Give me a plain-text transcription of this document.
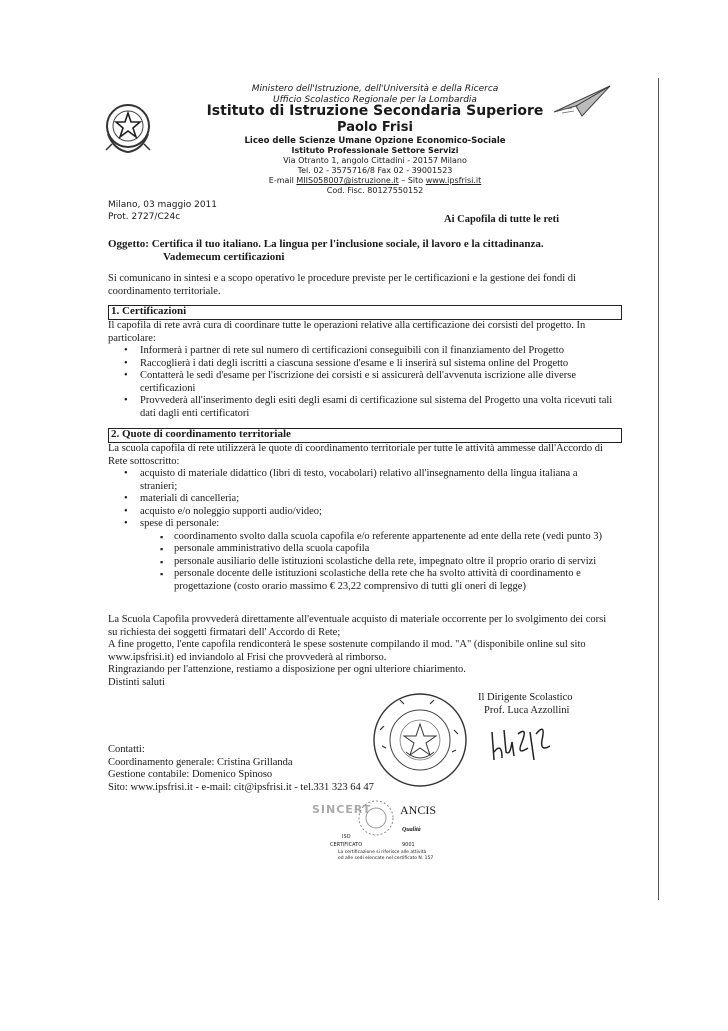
Ministero dell'Istruzione, dell'Università e della Ricerca
Ufficio Scolastico Regionale per la Lombardia
Istituto di Istruzione Secondaria Superiore
Paolo Frisi
Liceo delle Scienze Umane Opzione Economico-Sociale
Istituto Professionale Settore Servizi
Via Otranto 1, angolo Cittadini - 20157 Milano
Tel. 02 - 3575716/8 Fax 02 - 39001523
E-mail MIIS058007@istruzione.it – Sito www.ipsfrisi.it
Cod. Fisc. 80127550152
Milano, 03 maggio 2011
Prot. 2727/C24c	Ai Capofila di tutte le reti
Oggetto: Certifica il tuo italiano. La lingua per l'inclusione sociale, il lavoro e la cittadinanza.
Vademecum certificazioni
Si comunicano in sintesi e a scopo operativo le procedure previste per le certificazioni e la gestione dei fondi di coordinamento territoriale.
1. Certificazioni
Il capofila di rete avrà cura di coordinare tutte le operazioni relative alla certificazione dei corsisti del progetto. In particolare:
• Informerà i partner di rete sul numero di certificazioni conseguibili con il finanziamento del Progetto
• Raccoglierà i dati degli iscritti a ciascuna sessione d'esame e li inserirà sul sistema online del Progetto
• Contatterà le sedi d'esame per l'iscrizione dei corsisti e si assicurerà dell'avvenuta iscrizione alle diverse certificazioni
• Provvederà all'inserimento degli esiti degli esami di certificazione sul sistema del Progetto una volta ricevuti tali dati dagli enti certificatori
2. Quote di coordinamento territoriale
La scuola capofila di rete utilizzerà le quote di coordinamento territoriale per tutte le attività ammesse dall'Accordo di Rete sottoscritto:
• acquisto di materiale didattico (libri di testo, vocabolari) relativo all'insegnamento della lingua italiana a stranieri;
• materiali di cancelleria;
• acquisto e/o noleggio supporti audio/video;
• spese di personale:
▪ coordinamento svolto dalla scuola capofila e/o referente appartenente ad ente della rete (vedi punto 3)
▪ personale amministrativo della scuola capofila
▪ personale ausiliario delle istituzioni scolastiche della rete, impegnato oltre il proprio orario di servizi
▪ personale docente delle istituzioni scolastiche della rete che ha svolto attività di coordinamento e progettazione (costo orario massimo € 23,22 comprensivo di tutti gli oneri di legge)
La Scuola Capofila provvederà direttamente all'eventuale acquisto di materiale occorrente per lo svolgimento dei corsi su richiesta dei soggetti firmatari dell' Accordo di Rete;
A fine progetto, l'ente capofila rendiconterà le spese sostenute compilando il mod. "A" (disponibile online sul sito www.ipsfrisi.it) ed inviandolo al Frisi che provvederà al rimborso.
Ringraziando per l'attenzione, restiamo a disposizione per ogni ulteriore chiarimento.
Distinti saluti
Il Dirigente Scolastico
Prof. Luca Azzollini
Contatti:
Coordinamento generale: Cristina Grillanda
Gestione contabile: Domenico Spinoso
Sito: www.ipsfrisi.it - e-mail: cit@ipsfrisi.it - tel.331 323 64 47
SINCERT ANCIS
Qualità
ISO
9001
CERTIFICATO
La certificazione si riferisce alle attività
ed alle sedi elencate nel certificato N. 157
